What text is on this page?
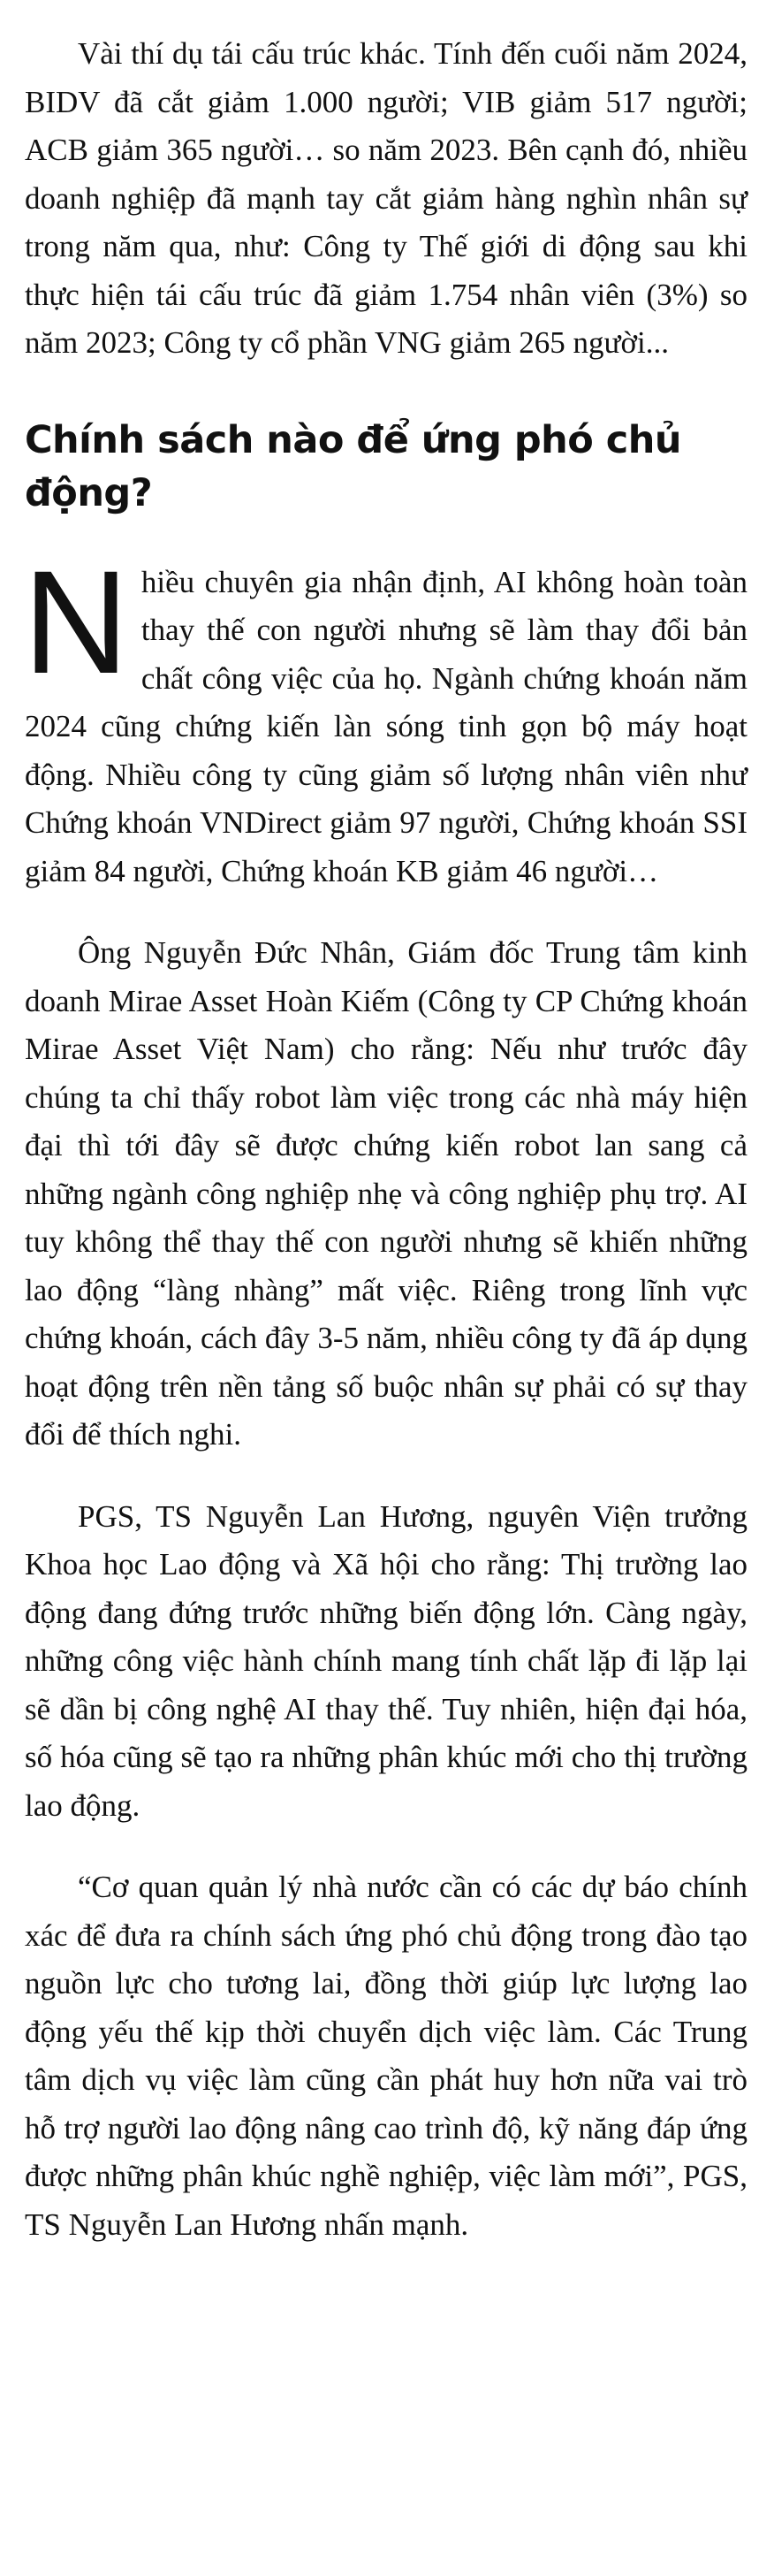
Vài thí dụ tái cấu trúc khác. Tính đến cuối năm 2024, BIDV đã cắt giảm 1.000 người; VIB giảm 517 người; ACB giảm 365 người… so năm 2023. Bên cạnh đó, nhiều doanh nghiệp đã mạnh tay cắt giảm hàng nghìn nhân sự trong năm qua, như: Công ty Thế giới di động sau khi thực hiện tái cấu trúc đã giảm 1.754 nhân viên (3%) so năm 2023; Công ty cổ phần VNG giảm 265 người...

Chính sách nào để ứng phó chủ động?

Nhiều chuyên gia nhận định, AI không hoàn toàn thay thế con người nhưng sẽ làm thay đổi bản chất công việc của họ. Ngành chứng khoán năm 2024 cũng chứng kiến làn sóng tinh gọn bộ máy hoạt động. Nhiều công ty cũng giảm số lượng nhân viên như Chứng khoán VNDirect giảm 97 người, Chứng khoán SSI giảm 84 người, Chứng khoán KB giảm 46 người…

Ông Nguyễn Đức Nhân, Giám đốc Trung tâm kinh doanh Mirae Asset Hoàn Kiếm (Công ty CP Chứng khoán Mirae Asset Việt Nam) cho rằng: Nếu như trước đây chúng ta chỉ thấy robot làm việc trong các nhà máy hiện đại thì tới đây sẽ được chứng kiến robot lan sang cả những ngành công nghiệp nhẹ và công nghiệp phụ trợ. AI tuy không thể thay thế con người nhưng sẽ khiến những lao động “làng nhàng” mất việc. Riêng trong lĩnh vực chứng khoán, cách đây 3-5 năm, nhiều công ty đã áp dụng hoạt động trên nền tảng số buộc nhân sự phải có sự thay đổi để thích nghi.

PGS, TS Nguyễn Lan Hương, nguyên Viện trưởng Khoa học Lao động và Xã hội cho rằng: Thị trường lao động đang đứng trước những biến động lớn. Càng ngày, những công việc hành chính mang tính chất lặp đi lặp lại sẽ dần bị công nghệ AI thay thế. Tuy nhiên, hiện đại hóa, số hóa cũng sẽ tạo ra những phân khúc mới cho thị trường lao động.

“Cơ quan quản lý nhà nước cần có các dự báo chính xác để đưa ra chính sách ứng phó chủ động trong đào tạo nguồn lực cho tương lai, đồng thời giúp lực lượng lao động yếu thế kịp thời chuyển dịch việc làm. Các Trung tâm dịch vụ việc làm cũng cần phát huy hơn nữa vai trò hỗ trợ người lao động nâng cao trình độ, kỹ năng đáp ứng được những phân khúc nghề nghiệp, việc làm mới”, PGS, TS Nguyễn Lan Hương nhấn mạnh.
